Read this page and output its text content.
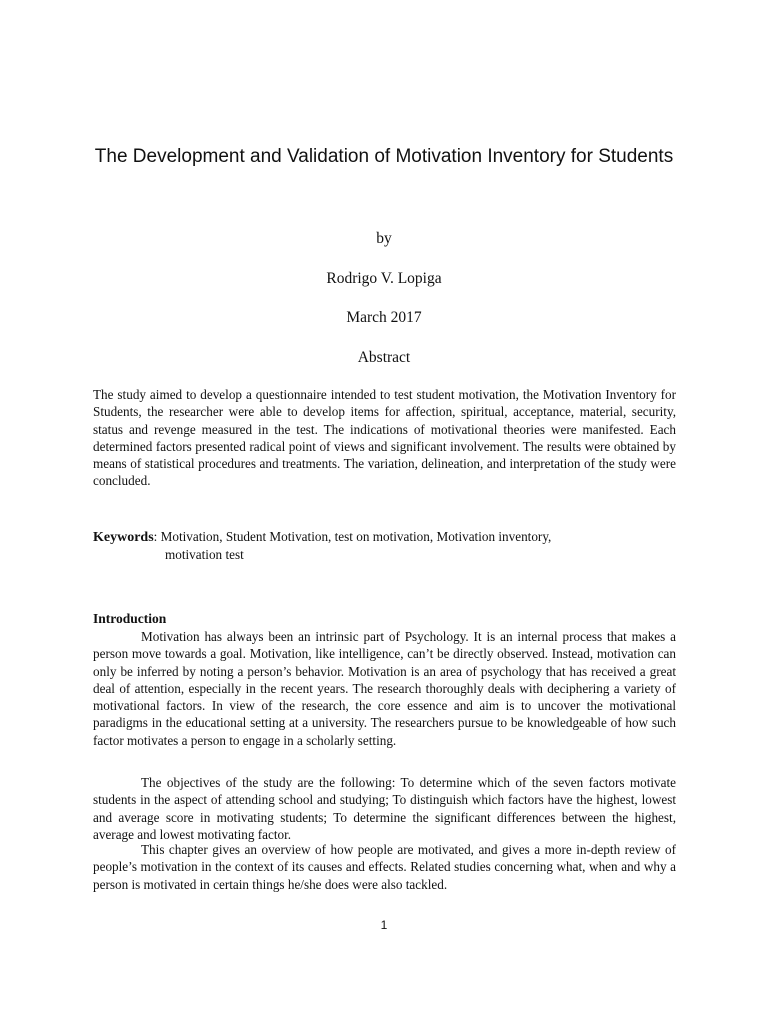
The Development and Validation of Motivation Inventory for Students

by

Rodrigo V. Lopiga

March 2017

Abstract

The study aimed to develop a questionnaire intended to test student motivation, the Motivation Inventory for Students, the researcher were able to develop items for affection, spiritual, acceptance, material, security, status and revenge measured in the test. The indications of motivational theories were manifested. Each determined factors presented radical point of views and significant involvement. The results were obtained by means of statistical procedures and treatments. The variation, delineation, and interpretation of the study were concluded.

Keywords: Motivation, Student Motivation, test on motivation, Motivation inventory,
motivation test
Introduction

Motivation has always been an intrinsic part of Psychology. It is an internal process that makes a person move towards a goal. Motivation, like intelligence, can’t be directly observed. Instead, motivation can only be inferred by noting a person’s behavior. Motivation is an area of psychology that has received a great deal of attention, especially in the recent years. The research thoroughly deals with deciphering a variety of motivational factors. In view of the research, the core essence and aim is to uncover the motivational paradigms in the educational setting at a university. The researchers pursue to be knowledgeable of how such factor motivates a person to engage in a scholarly setting.

The objectives of the study are the following: To determine which of the seven factors motivate students in the aspect of attending school and studying; To distinguish which factors have the highest, lowest and average score in motivating students; To determine the significant differences between the highest, average and lowest motivating factor.

This chapter gives an overview of how people are motivated, and gives a more in-depth review of people’s motivation in the context of its causes and effects. Related studies concerning what, when and why a person is motivated in certain things he/she does were also tackled.

1
